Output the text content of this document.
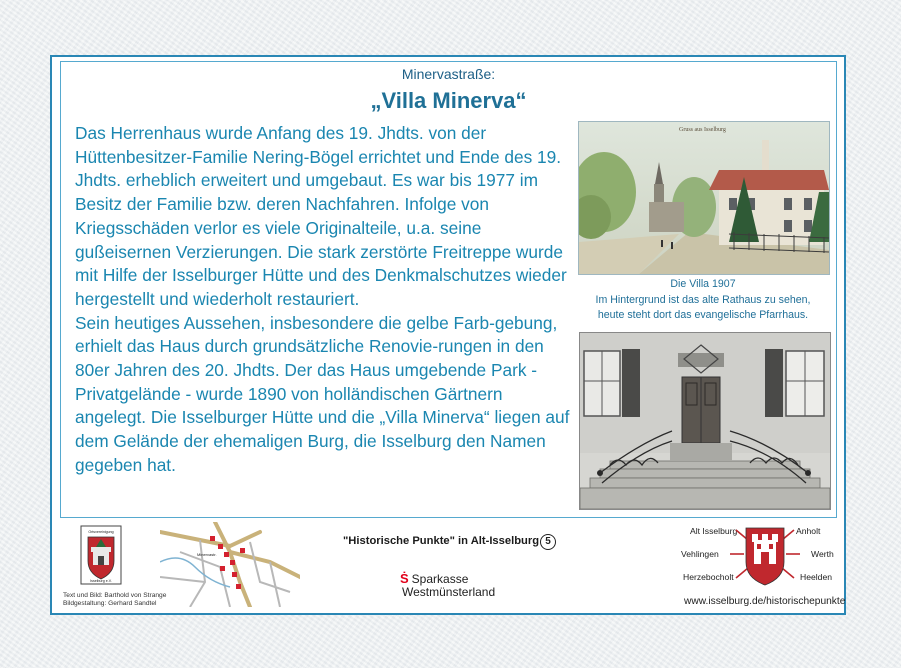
Minervastraße:
„Villa Minerva“

Das Herrenhaus wurde Anfang des 19. Jhdts. von der Hüttenbesitzer-Familie Nering-Bögel errichtet und Ende des 19. Jhdts. erheblich erweitert und umgebaut. Es war bis 1977 im Besitz der Familie bzw. deren Nachfahren. Infolge von Kriegsschäden verlor es viele Originalteile, u.a. seine gußeisernen Verzierungen. Die stark zerstörte Freitreppe wurde mit Hilfe der Isselburger Hütte und des Denkmalschutzes wieder hergestellt und wiederholt restauriert.

Sein heutiges Aussehen, insbesondere die gelbe Farb-gebung, erhielt das Haus durch grundsätzliche Renovie-rungen in den 80er Jahren des 20. Jhdts. Der das Haus umgebende Park - Privatgelände - wurde 1890 von holländischen Gärtnern angelegt. Die Isselburger Hütte und die „Villa Minerva“ liegen auf dem Gelände der ehemaligen Burg, die Isselburg den Namen gegeben hat.

Gruss aus Isselburg
Die Villa 1907
Im Hintergrund ist das alte Rathaus zu sehen,
heute steht dort das evangelische Pfarrhaus.
Ortsvereinigung
Isselburg e.V.
Minervastr.
Text und Bild: Barthold von Strange
Bildgestaltung: Gerhard Sandtel
"Historische Punkte" in Alt-Isselburg 5
Ṡ Sparkasse
Westmünsterland
Alt Isselburg	Anholt
Vehlingen	Werth
Herzebocholt	Heelden
www.isselburg.de/historischepunkte
